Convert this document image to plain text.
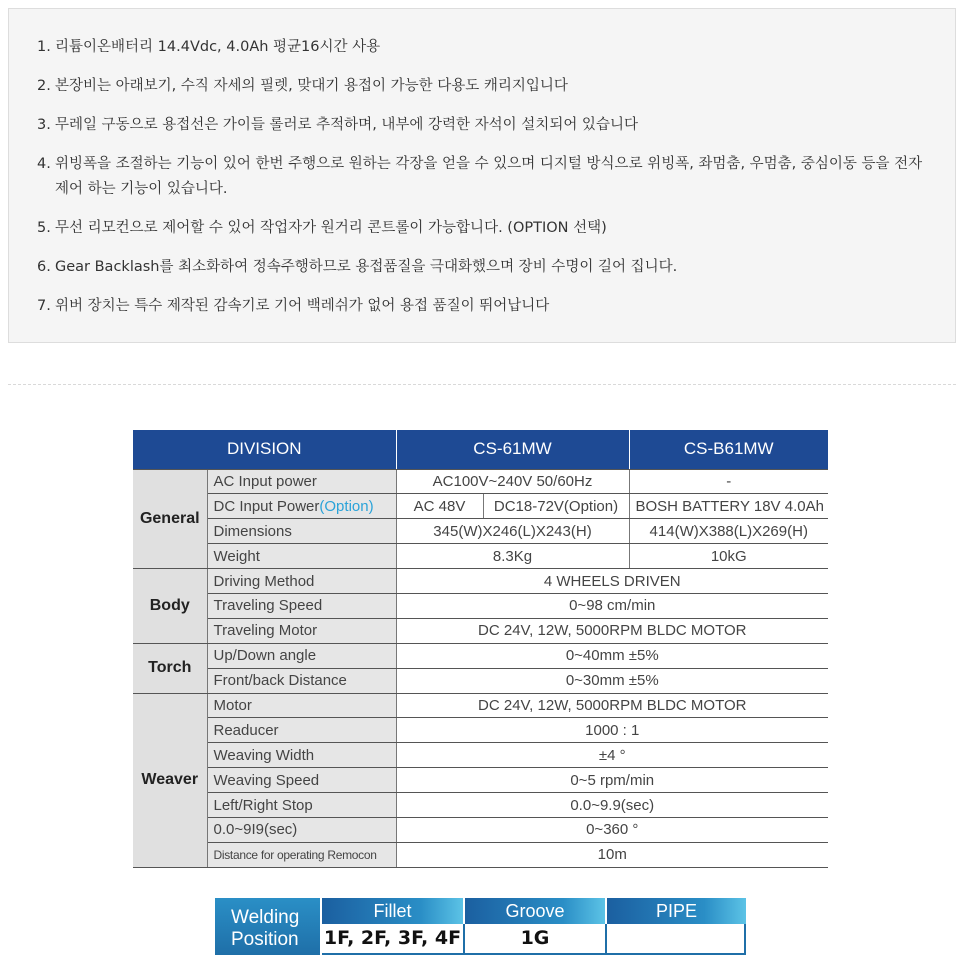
1. 리튬이온배터리 14.4Vdc, 4.0Ah 평균16시간 사용
2. 본장비는 아래보기, 수직 자세의 필렛, 맞대기 용접이 가능한 다용도 캐리지입니다
3. 무레일 구동으로 용접선은 가이들 롤러로 추적하며, 내부에 강력한 자석이 설치되어 있습니다
4. 위빙폭을 조절하는 기능이 있어 한번 주행으로 원하는 각장을 얻을 수 있으며 디지털 방식으로 위빙폭, 좌멈춤, 우멈춤, 중심이동 등을 전자 제어 하는 기능이 있습니다.
5. 무선 리모컨으로 제어할 수 있어 작업자가 원거리 콘트롤이 가능합니다. (OPTION 선택)
6. Gear Backlash를 최소화하여 정속주행하므로 용접품질을 극대화했으며 장비 수명이 길어 집니다.
7. 위버 장치는 특수 제작된 감속기로 기어 백레쉬가 없어 용접 품질이 뛰어납니다
DIVISION		CS-61MW		CS-B61MW
General	AC Input power	AC100V~240V 50/60Hz		-
	DC Input Power(Option)	AC 48V	DC18-72V(Option)	BOSH BATTERY 18V 4.0Ah
	Dimensions	345(W)X246(L)X243(H)		414(W)X388(L)X269(H)
	Weight	8.3Kg		10kG
Body	Driving Method	4 WHEELS DRIVEN		
	Traveling Speed	0~98 cm/min		
	Traveling Motor	DC 24V, 12W, 5000RPM BLDC MOTOR		
Torch	Up/Down angle	0~40mm ±5%		
	Front/back Distance	0~30mm ±5%		
Weaver	Motor	DC 24V, 12W, 5000RPM BLDC MOTOR		
	Readucer	1000 : 1		
	Weaving Width	±4 °		
	Weaving Speed	0~5 rpm/min		
	Left/Right Stop	0.0~9.9(sec)		
	0.0~9I9(sec)	0~360 °		
	Distance for operating Remocon	10m		
Welding
Position
Fillet	Groove	PIPE
1F, 2F, 3F, 4F	1G
